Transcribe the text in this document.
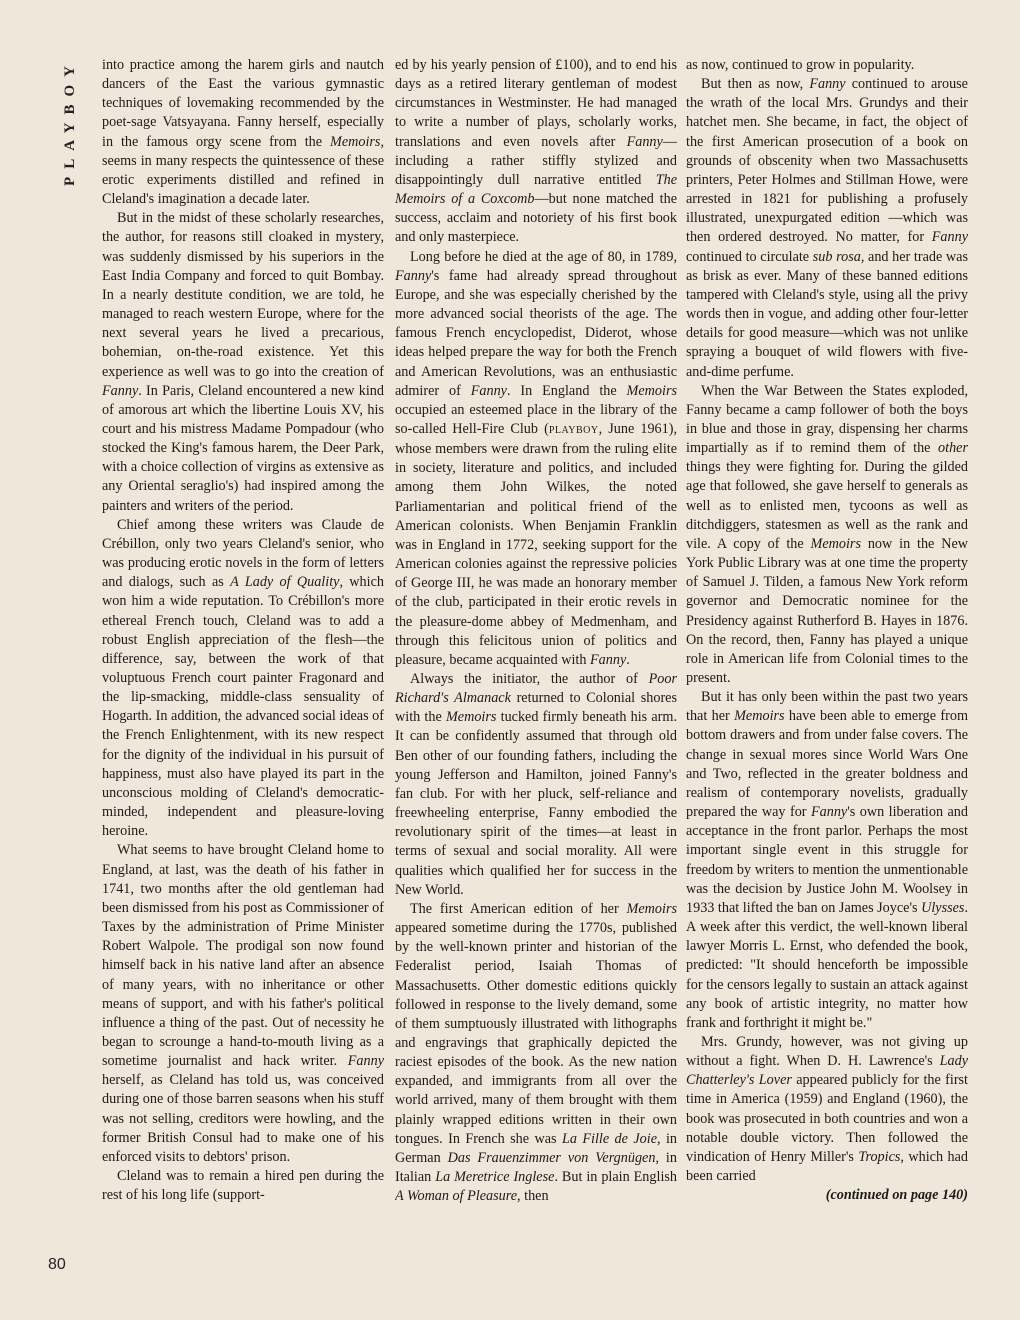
PLAYBOY
80

into practice among the harem girls and nautch dancers of the East the various gymnastic techniques of lovemaking recommended by the poet-sage Vatsyayana. Fanny herself, especially in the famous orgy scene from the Memoirs, seems in many respects the quintessence of these erotic experiments distilled and refined in Cleland's imagination a decade later.

But in the midst of these scholarly researches, the author, for reasons still cloaked in mystery, was suddenly dismissed by his superiors in the East India Company and forced to quit Bombay. In a nearly destitute condition, we are told, he managed to reach western Europe, where for the next several years he lived a precarious, bohemian, on-the-road existence. Yet this experience as well was to go into the creation of Fanny. In Paris, Cleland encountered a new kind of amorous art which the libertine Louis XV, his court and his mistress Madame Pompadour (who stocked the King's famous harem, the Deer Park, with a choice collection of virgins as extensive as any Oriental seraglio's) had inspired among the painters and writers of the period.

Chief among these writers was Claude de Crébillon, only two years Cleland's senior, who was producing erotic novels in the form of letters and dialogs, such as A Lady of Quality, which won him a wide reputation. To Crébillon's more ethereal French touch, Cleland was to add a robust English appreciation of the flesh—the difference, say, between the work of that voluptuous French court painter Fragonard and the lip-smacking, middle-class sensuality of Hogarth. In addition, the advanced social ideas of the French Enlightenment, with its new respect for the dignity of the individual in his pursuit of happiness, must also have played its part in the unconscious molding of Cleland's democratic-minded, independent and pleasure-loving heroine.

What seems to have brought Cleland home to England, at last, was the death of his father in 1741, two months after the old gentleman had been dismissed from his post as Commissioner of Taxes by the administration of Prime Minister Robert Walpole. The prodigal son now found himself back in his native land after an absence of many years, with no inheritance or other means of support, and with his father's political influence a thing of the past. Out of necessity he began to scrounge a hand-to-mouth living as a sometime journalist and hack writer. Fanny herself, as Cleland has told us, was conceived during one of those barren seasons when his stuff was not selling, creditors were howling, and the former British Consul had to make one of his enforced visits to debtors' prison.

Cleland was to remain a hired pen during the rest of his long life (support-

ed by his yearly pension of £100), and to end his days as a retired literary gentleman of modest circumstances in Westminster. He had managed to write a number of plays, scholarly works, translations and even novels after Fanny—including a rather stiffly stylized and disappointingly dull narrative entitled The Memoirs of a Coxcomb—but none matched the success, acclaim and notoriety of his first book and only masterpiece.

Long before he died at the age of 80, in 1789, Fanny's fame had already spread throughout Europe, and she was especially cherished by the more advanced social theorists of the age. The famous French encyclopedist, Diderot, whose ideas helped prepare the way for both the French and American Revolutions, was an enthusiastic admirer of Fanny. In England the Memoirs occupied an esteemed place in the library of the so-called Hell-Fire Club (PLAYBOY, June 1961), whose members were drawn from the ruling elite in society, literature and politics, and included among them John Wilkes, the noted Parliamentarian and political friend of the American colonists. When Benjamin Franklin was in England in 1772, seeking support for the American colonies against the repressive policies of George III, he was made an honorary member of the club, participated in their erotic revels in the pleasure-dome abbey of Medmenham, and through this felicitous union of politics and pleasure, became acquainted with Fanny.

Always the initiator, the author of Poor Richard's Almanack returned to Colonial shores with the Memoirs tucked firmly beneath his arm. It can be confidently assumed that through old Ben other of our founding fathers, including the young Jefferson and Hamilton, joined Fanny's fan club. For with her pluck, self-reliance and freewheeling enterprise, Fanny embodied the revolutionary spirit of the times—at least in terms of sexual and social morality. All were qualities which qualified her for success in the New World.

The first American edition of her Memoirs appeared sometime during the 1770s, published by the well-known printer and historian of the Federalist period, Isaiah Thomas of Massachusetts. Other domestic editions quickly followed in response to the lively demand, some of them sumptuously illustrated with lithographs and engravings that graphically depicted the raciest episodes of the book. As the new nation expanded, and immigrants from all over the world arrived, many of them brought with them plainly wrapped editions written in their own tongues. In French she was La Fille de Joie, in German Das Frauenzimmer von Vergnügen, in Italian La Meretrice Inglese. But in plain English A Woman of Pleasure, then

as now, continued to grow in popularity.

But then as now, Fanny continued to arouse the wrath of the local Mrs. Grundys and their hatchet men. She became, in fact, the object of the first American prosecution of a book on grounds of obscenity when two Massachusetts printers, Peter Holmes and Stillman Howe, were arrested in 1821 for publishing a profusely illustrated, unexpurgated edition —which was then ordered destroyed. No matter, for Fanny continued to circulate sub rosa, and her trade was as brisk as ever. Many of these banned editions tampered with Cleland's style, using all the privy words then in vogue, and adding other four-letter details for good measure—which was not unlike spraying a bouquet of wild flowers with five-and-dime perfume.

When the War Between the States exploded, Fanny became a camp follower of both the boys in blue and those in gray, dispensing her charms impartially as if to remind them of the other things they were fighting for. During the gilded age that followed, she gave herself to generals as well as to enlisted men, tycoons as well as ditchdiggers, statesmen as well as the rank and vile. A copy of the Memoirs now in the New York Public Library was at one time the property of Samuel J. Tilden, a famous New York reform governor and Democratic nominee for the Presidency against Rutherford B. Hayes in 1876. On the record, then, Fanny has played a unique role in American life from Colonial times to the present.

But it has only been within the past two years that her Memoirs have been able to emerge from bottom drawers and from under false covers. The change in sexual mores since World Wars One and Two, reflected in the greater boldness and realism of contemporary novelists, gradually prepared the way for Fanny's own liberation and acceptance in the front parlor. Perhaps the most important single event in this struggle for freedom by writers to mention the unmentionable was the decision by Justice John M. Woolsey in 1933 that lifted the ban on James Joyce's Ulysses. A week after this verdict, the well-known liberal lawyer Morris L. Ernst, who defended the book, predicted: "It should henceforth be impossible for the censors legally to sustain an attack against any book of artistic integrity, no matter how frank and forthright it might be."

Mrs. Grundy, however, was not giving up without a fight. When D. H. Lawrence's Lady Chatterley's Lover appeared publicly for the first time in America (1959) and England (1960), the book was prosecuted in both countries and won a notable double victory. Then followed the vindication of Henry Miller's Tropics, which had been carried

(continued on page 140)
